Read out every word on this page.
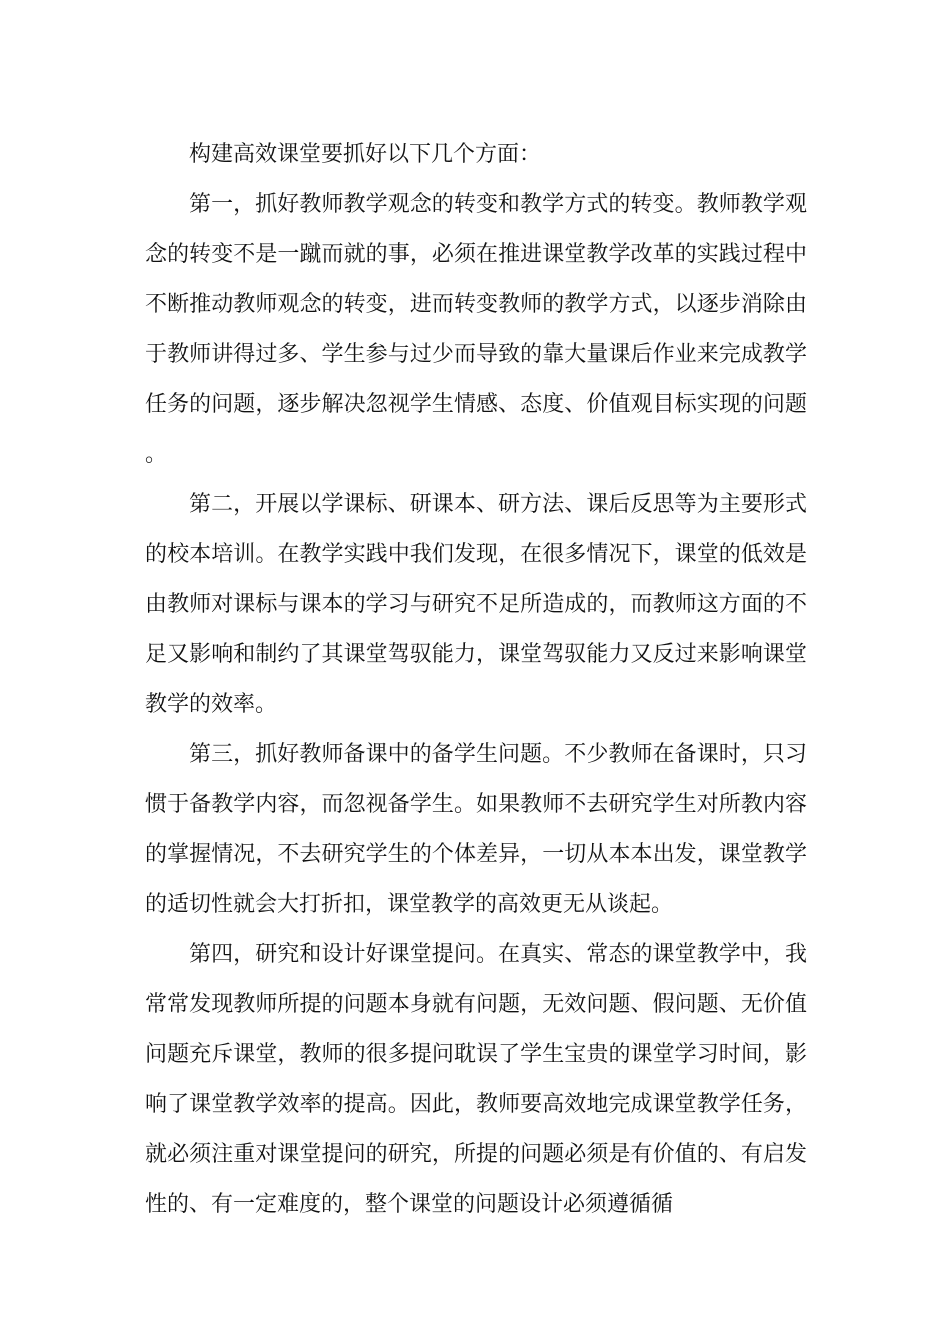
构建高效课堂要抓好以下几个方面：

第一，抓好教师教学观念的转变和教学方式的转变。教师教学观念的转变不是一蹴而就的事，必须在推进课堂教学改革的实践过程中不断推动教师观念的转变，进而转变教师的教学方式，以逐步消除由于教师讲得过多、学生参与过少而导致的靠大量课后作业来完成教学任务的问题，逐步解决忽视学生情感、态度、价值观目标实现的问题。

第二，开展以学课标、研课本、研方法、课后反思等为主要形式的校本培训。在教学实践中我们发现，在很多情况下，课堂的低效是由教师对课标与课本的学习与研究不足所造成的，而教师这方面的不足又影响和制约了其课堂驾驭能力，课堂驾驭能力又反过来影响课堂教学的效率。

第三，抓好教师备课中的备学生问题。不少教师在备课时，只习惯于备教学内容，而忽视备学生。如果教师不去研究学生对所教内容的掌握情况，不去研究学生的个体差异，一切从本本出发，课堂教学的适切性就会大打折扣，课堂教学的高效更无从谈起。

第四，研究和设计好课堂提问。在真实、常态的课堂教学中，我常常发现教师所提的问题本身就有问题，无效问题、假问题、无价值问题充斥课堂，教师的很多提问耽误了学生宝贵的课堂学习时间，影响了课堂教学效率的提高。因此，教师要高效地完成课堂教学任务，就必须注重对课堂提问的研究，所提的问题必须是有价值的、有启发性的、有一定难度的，整个课堂的问题设计必须遵循循
